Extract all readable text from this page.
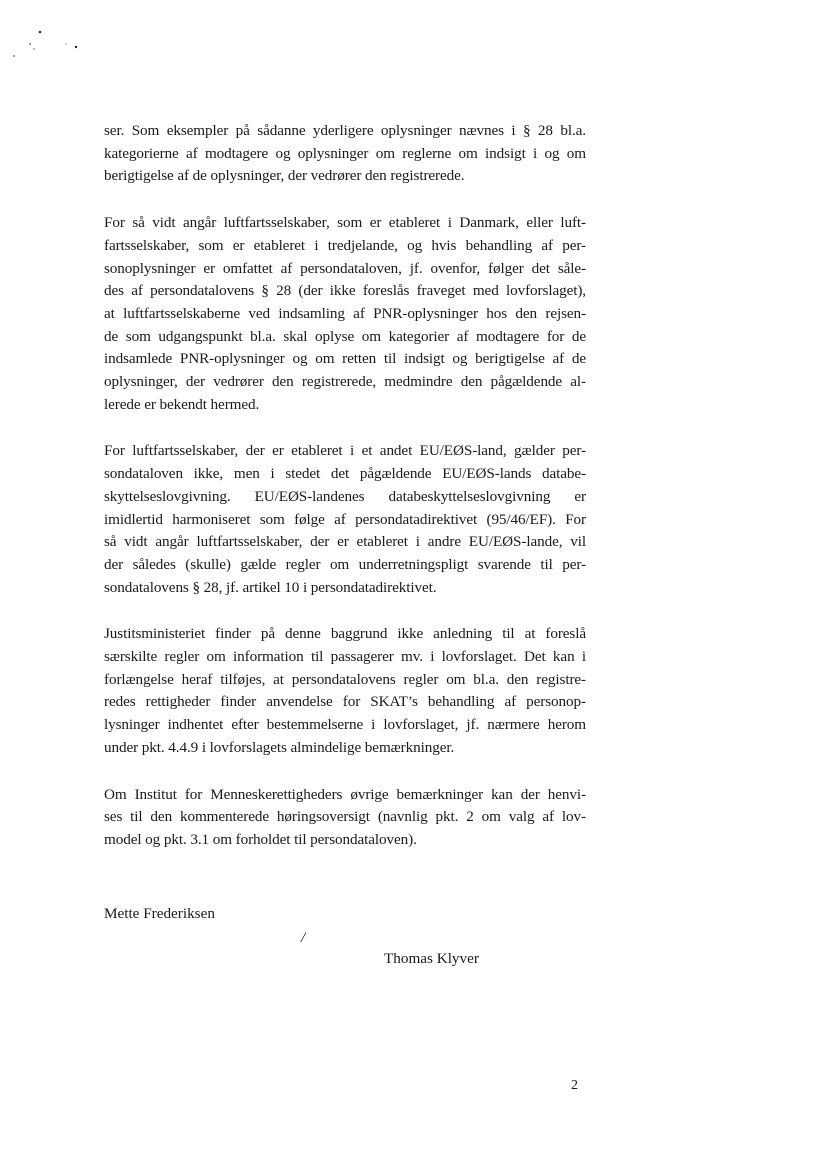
ser. Som eksempler på sådanne yderligere oplysninger nævnes i § 28 bl.a.
kategorierne af modtagere og oplysninger om reglerne om indsigt i og om
berigtigelse af de oplysninger, der vedrører den registrerede.

For så vidt angår luftfartsselskaber, som er etableret i Danmark, eller luft-
fartsselskaber, som er etableret i tredjelande, og hvis behandling af per-
sonoplysninger er omfattet af persondataloven, jf. ovenfor, følger det såle-
des af persondatalovens § 28 (der ikke foreslås fraveget med lovforslaget),
at luftfartsselskaberne ved indsamling af PNR-oplysninger hos den rejsen-
de som udgangspunkt bl.a. skal oplyse om kategorier af modtagere for de
indsamlede PNR-oplysninger og om retten til indsigt og berigtigelse af de
oplysninger, der vedrører den registrerede, medmindre den pågældende al-
lerede er bekendt hermed.

For luftfartsselskaber, der er etableret i et andet EU/EØS-land, gælder per-
sondataloven ikke, men i stedet det pågældende EU/EØS-lands databe-
skyttelseslovgivning. EU/EØS-landenes databeskyttelseslovgivning er
imidlertid harmoniseret som følge af persondatadirektivet (95/46/EF). For
så vidt angår luftfartsselskaber, der er etableret i andre EU/EØS-lande, vil
der således (skulle) gælde regler om underretningspligt svarende til per-
sondatalovens § 28, jf. artikel 10 i persondatadirektivet.

Justitsministeriet finder på denne baggrund ikke anledning til at foreslå
særskilte regler om information til passagerer mv. i lovforslaget. Det kan i
forlængelse heraf tilføjes, at persondatalovens regler om bl.a. den registre-
redes rettigheder finder anvendelse for SKAT’s behandling af personop-
lysninger indhentet efter bestemmelserne i lovforslaget, jf. nærmere herom
under pkt. 4.4.9 i lovforslagets almindelige bemærkninger.

Om Institut for Menneskerettigheders øvrige bemærkninger kan der henvi-
ses til den kommenterede høringsoversigt (navnlig pkt. 2 om valg af lov-
model og pkt. 3.1 om forholdet til persondataloven).

Mette Frederiksen
/
Thomas Klyver
2
